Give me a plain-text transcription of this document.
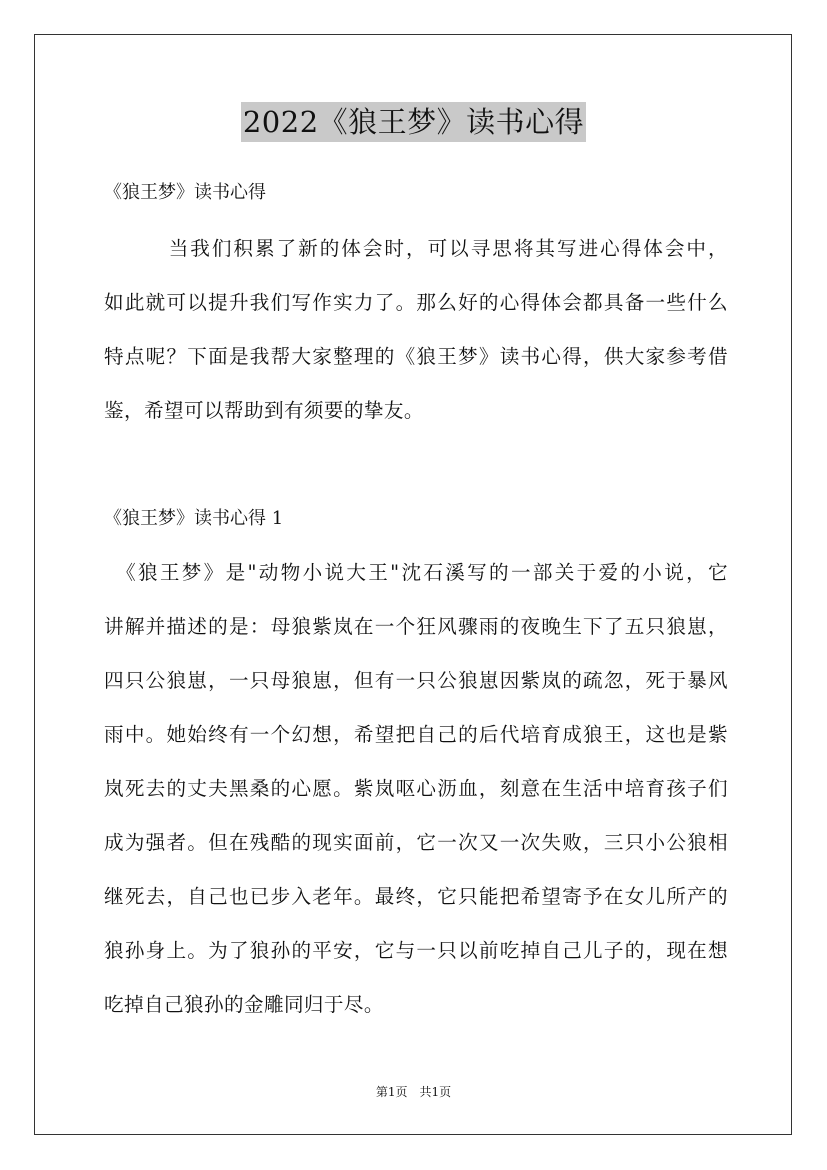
2022《狼王梦》读书心得
《狼王梦》读书心得
　　　当我们积累了新的体会时，可以寻思将其写进心得体会中，
如此就可以提升我们写作实力了。那么好的心得体会都具备一些什么
特点呢？下面是我帮大家整理的《狼王梦》读书心得，供大家参考借
鉴，希望可以帮助到有须要的挚友。
《狼王梦》读书心得 1
　《狼王梦》是"动物小说大王"沈石溪写的一部关于爱的小说，它
讲解并描述的是：母狼紫岚在一个狂风骤雨的夜晚生下了五只狼崽，
四只公狼崽，一只母狼崽，但有一只公狼崽因紫岚的疏忽，死于暴风
雨中。她始终有一个幻想，希望把自己的后代培育成狼王，这也是紫
岚死去的丈夫黑桑的心愿。紫岚呕心沥血，刻意在生活中培育孩子们
成为强者。但在残酷的现实面前，它一次又一次失败，三只小公狼相
继死去，自己也已步入老年。最终，它只能把希望寄予在女儿所产的
狼孙身上。为了狼孙的平安，它与一只以前吃掉自己儿子的，现在想
吃掉自己狼孙的金雕同归于尽。
第1页　共1页
